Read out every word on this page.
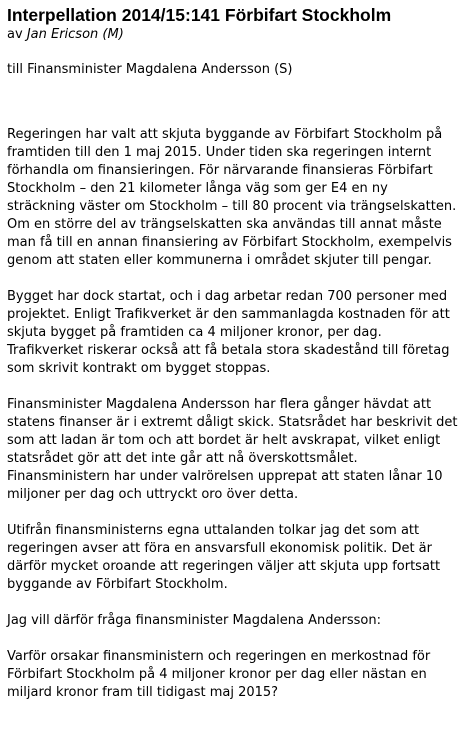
Interpellation 2014/15:141 Förbifart Stockholm

av Jan Ericson (M)

till Finansminister Magdalena Andersson (S)

Regeringen har valt att skjuta byggande av Förbifart Stockholm på framtiden till den 1 maj 2015. Under tiden ska regeringen internt förhandla om finansieringen. För närvarande finansieras Förbifart Stockholm – den 21 kilometer långa väg som ger E4 en ny sträckning väster om Stockholm – till 80 procent via trängselskatten. Om en större del av trängselskatten ska användas till annat måste man få till en annan finansiering av Förbifart Stockholm, exempelvis genom att staten eller kommunerna i området skjuter till pengar.

Bygget har dock startat, och i dag arbetar redan 700 personer med projektet. Enligt Trafikverket är den sammanlagda kostnaden för att skjuta bygget på framtiden ca 4 miljoner kronor, per dag. Trafikverket riskerar också att få betala stora skadestånd till företag som skrivit kontrakt om bygget stoppas.

Finansminister Magdalena Andersson har flera gånger hävdat att statens finanser är i extremt dåligt skick. Statsrådet har beskrivit det som att ladan är tom och att bordet är helt avskrapat, vilket enligt statsrådet gör att det inte går att nå överskottsmålet. Finansministern har under valrörelsen upprepat att staten lånar 10 miljoner per dag och uttryckt oro över detta.

Utifrån finansministerns egna uttalanden tolkar jag det som att regeringen avser att föra en ansvarsfull ekonomisk politik. Det är därför mycket oroande att regeringen väljer att skjuta upp fortsatt byggande av Förbifart Stockholm.

Jag vill därför fråga finansminister Magdalena Andersson:

Varför orsakar finansministern och regeringen en merkostnad för Förbifart Stockholm på 4 miljoner kronor per dag eller nästan en miljard kronor fram till tidigast maj 2015?
